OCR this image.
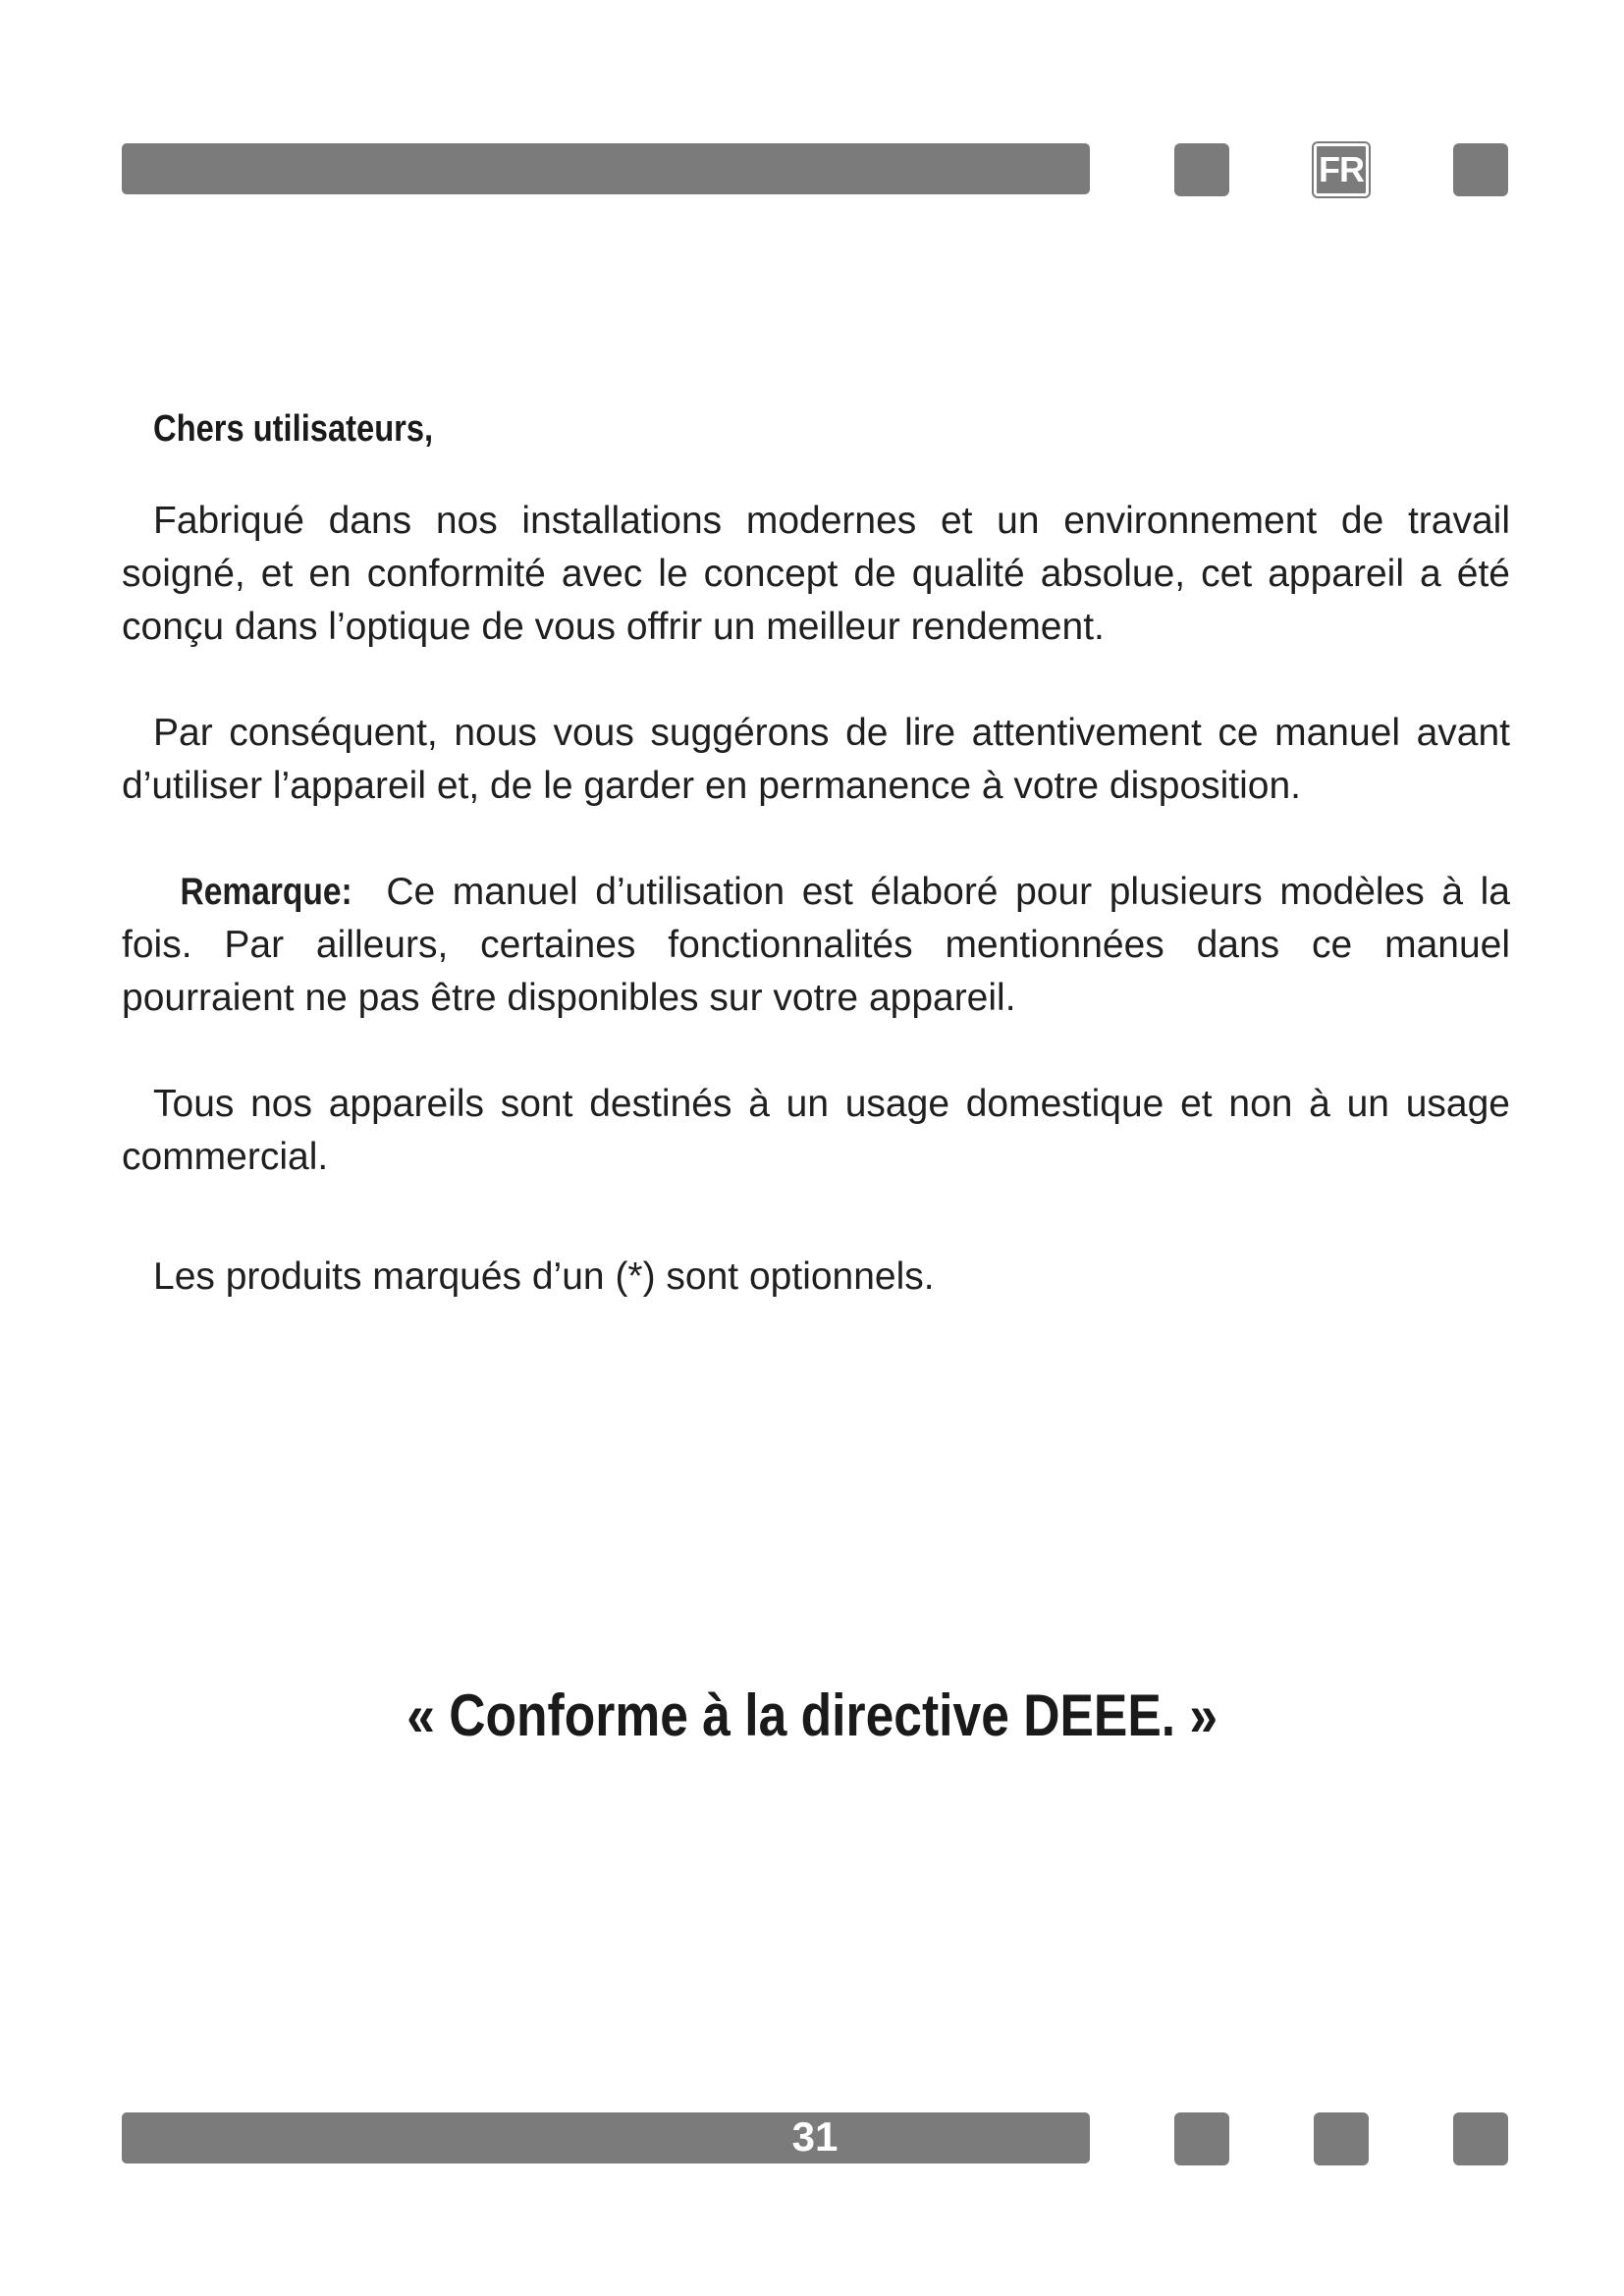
FR
Chers utilisateurs,

Fabriqué dans nos installations modernes et un environnement de travail soigné, et en conformité avec le concept de qualité absolue, cet appareil a été conçu dans l’optique de vous offrir un meilleur rendement.

Par conséquent, nous vous suggérons de lire attentivement ce manuel avant d’utiliser l’appareil et, de le garder en permanence à votre disposition.

Remarque: Ce manuel d’utilisation est élaboré pour plusieurs modèles à la fois. Par ailleurs, certaines fonctionnalités mentionnées dans ce manuel pourraient ne pas être disponibles sur votre appareil.

Tous nos appareils sont destinés à un usage domestique et non à un usage commercial.

Les produits marqués d’un (*) sont optionnels.

« Conforme à la directive DEEE. »
31
